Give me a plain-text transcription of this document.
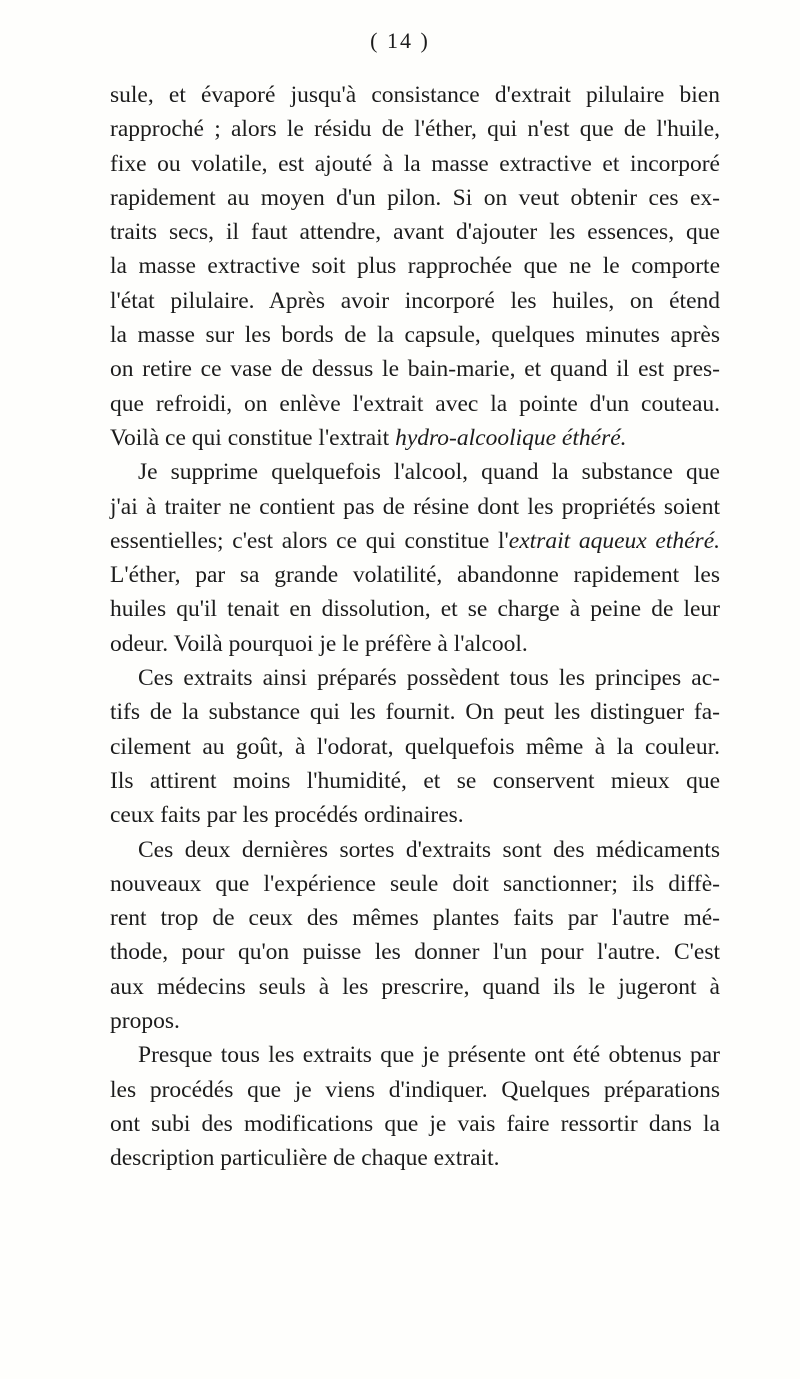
( 14 )
sule, et évaporé jusqu'à consistance d'extrait pilulaire bien
rapproché ; alors le résidu de l'éther, qui n'est que de l'huile,
fixe ou volatile, est ajouté à la masse extractive et incorporé
rapidement au moyen d'un pilon. Si on veut obtenir ces ex-
traits secs, il faut attendre, avant d'ajouter les essences, que
la masse extractive soit plus rapprochée que ne le comporte
l'état pilulaire. Après avoir incorporé les huiles, on étend
la masse sur les bords de la capsule, quelques minutes après
on retire ce vase de dessus le bain-marie, et quand il est pres-
que refroidi, on enlève l'extrait avec la pointe d'un couteau.
Voilà ce qui constitue l'extrait hydro-alcoolique éthéré.
Je supprime quelquefois l'alcool, quand la substance que
j'ai à traiter ne contient pas de résine dont les propriétés soient
essentielles; c'est alors ce qui constitue l'extrait aqueux ethéré.
L'éther, par sa grande volatilité, abandonne rapidement les
huiles qu'il tenait en dissolution, et se charge à peine de leur
odeur. Voilà pourquoi je le préfère à l'alcool.
Ces extraits ainsi préparés possèdent tous les principes ac-
tifs de la substance qui les fournit. On peut les distinguer fa-
cilement au goût, à l'odorat, quelquefois même à la couleur.
Ils attirent moins l'humidité, et se conservent mieux que
ceux faits par les procédés ordinaires.
Ces deux dernières sortes d'extraits sont des médicaments
nouveaux que l'expérience seule doit sanctionner; ils diffè-
rent trop de ceux des mêmes plantes faits par l'autre mé-
thode, pour qu'on puisse les donner l'un pour l'autre. C'est
aux médecins seuls à les prescrire, quand ils le jugeront à
propos.
Presque tous les extraits que je présente ont été obtenus par
les procédés que je viens d'indiquer. Quelques préparations
ont subi des modifications que je vais faire ressortir dans la
description particulière de chaque extrait.
